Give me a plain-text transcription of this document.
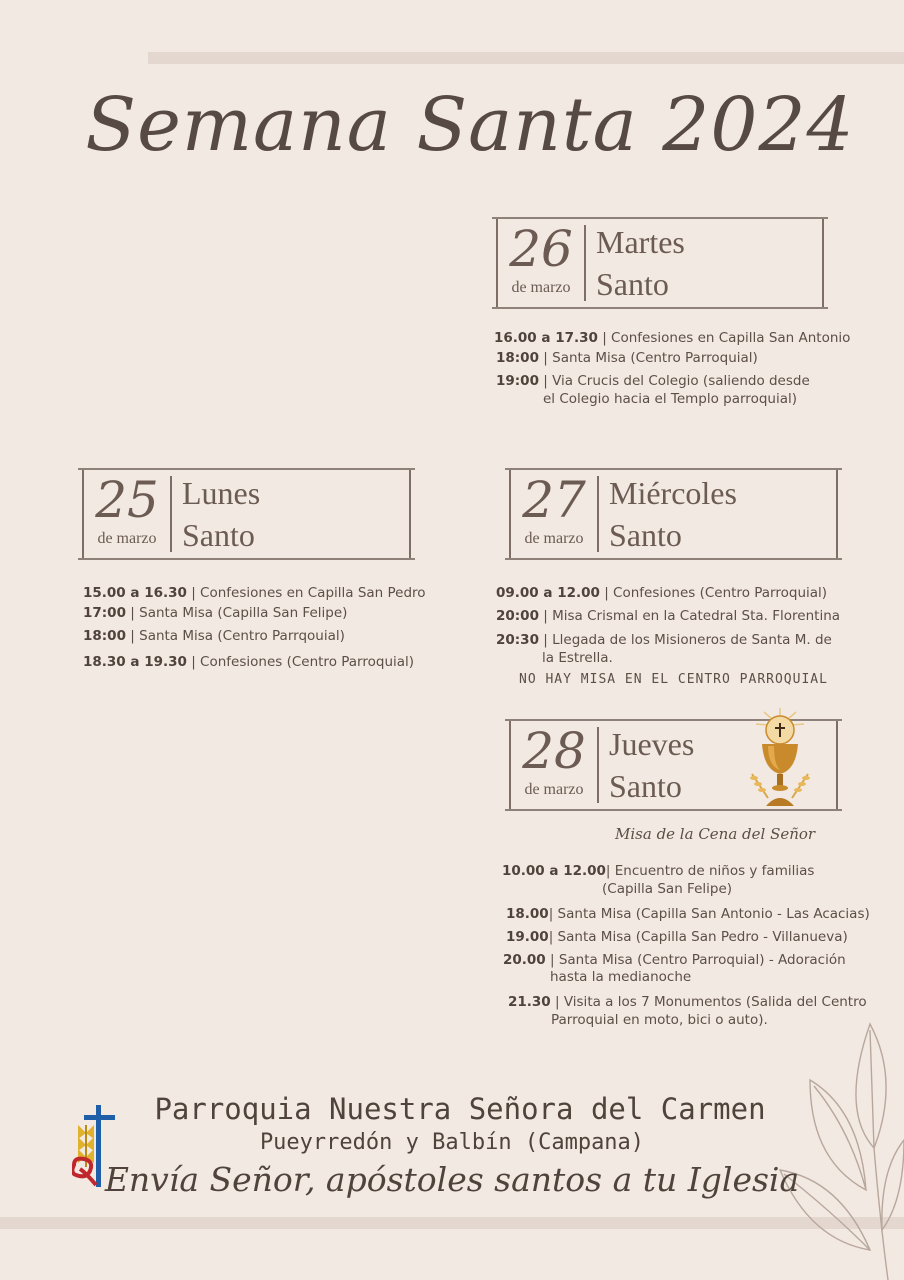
Semana Santa 2024
26
de marzo
Martes
Santo
16.00 a 17.30 | Confesiones en Capilla San Antonio
18:00 | Santa Misa (Centro Parroquial)
19:00 | Via Crucis del Colegio (saliendo desde
el Colegio hacia el Templo parroquial)
25
de marzo
Lunes
Santo
15.00 a 16.30 | Confesiones en Capilla San Pedro
17:00 | Santa Misa (Capilla San Felipe)
18:00 | Santa Misa (Centro Parrqouial)
18.30 a 19.30 | Confesiones (Centro Parroquial)
27
de marzo
Miércoles
Santo
09.00 a 12.00 | Confesiones (Centro Parroquial)
20:00 | Misa Crismal en la Catedral Sta. Florentina
20:30 | Llegada de los Misioneros de Santa M. de
la Estrella.
NO HAY MISA EN EL CENTRO PARROQUIAL
28
de marzo
Jueves
Santo
Misa de la Cena del Señor
10.00 a 12.00| Encuentro de niños y familias
(Capilla San Felipe)
18.00| Santa Misa (Capilla San Antonio - Las Acacias)
19.00| Santa Misa (Capilla San Pedro - Villanueva)
20.00 | Santa Misa (Centro Parroquial) - Adoración
hasta la medianoche
21.30 | Visita a los 7 Monumentos (Salida del Centro
Parroquial en moto, bici o auto).
Parroquia Nuestra Señora del Carmen
Pueyrredón y Balbín (Campana)
Envía Señor, apóstoles santos a tu Iglesia
